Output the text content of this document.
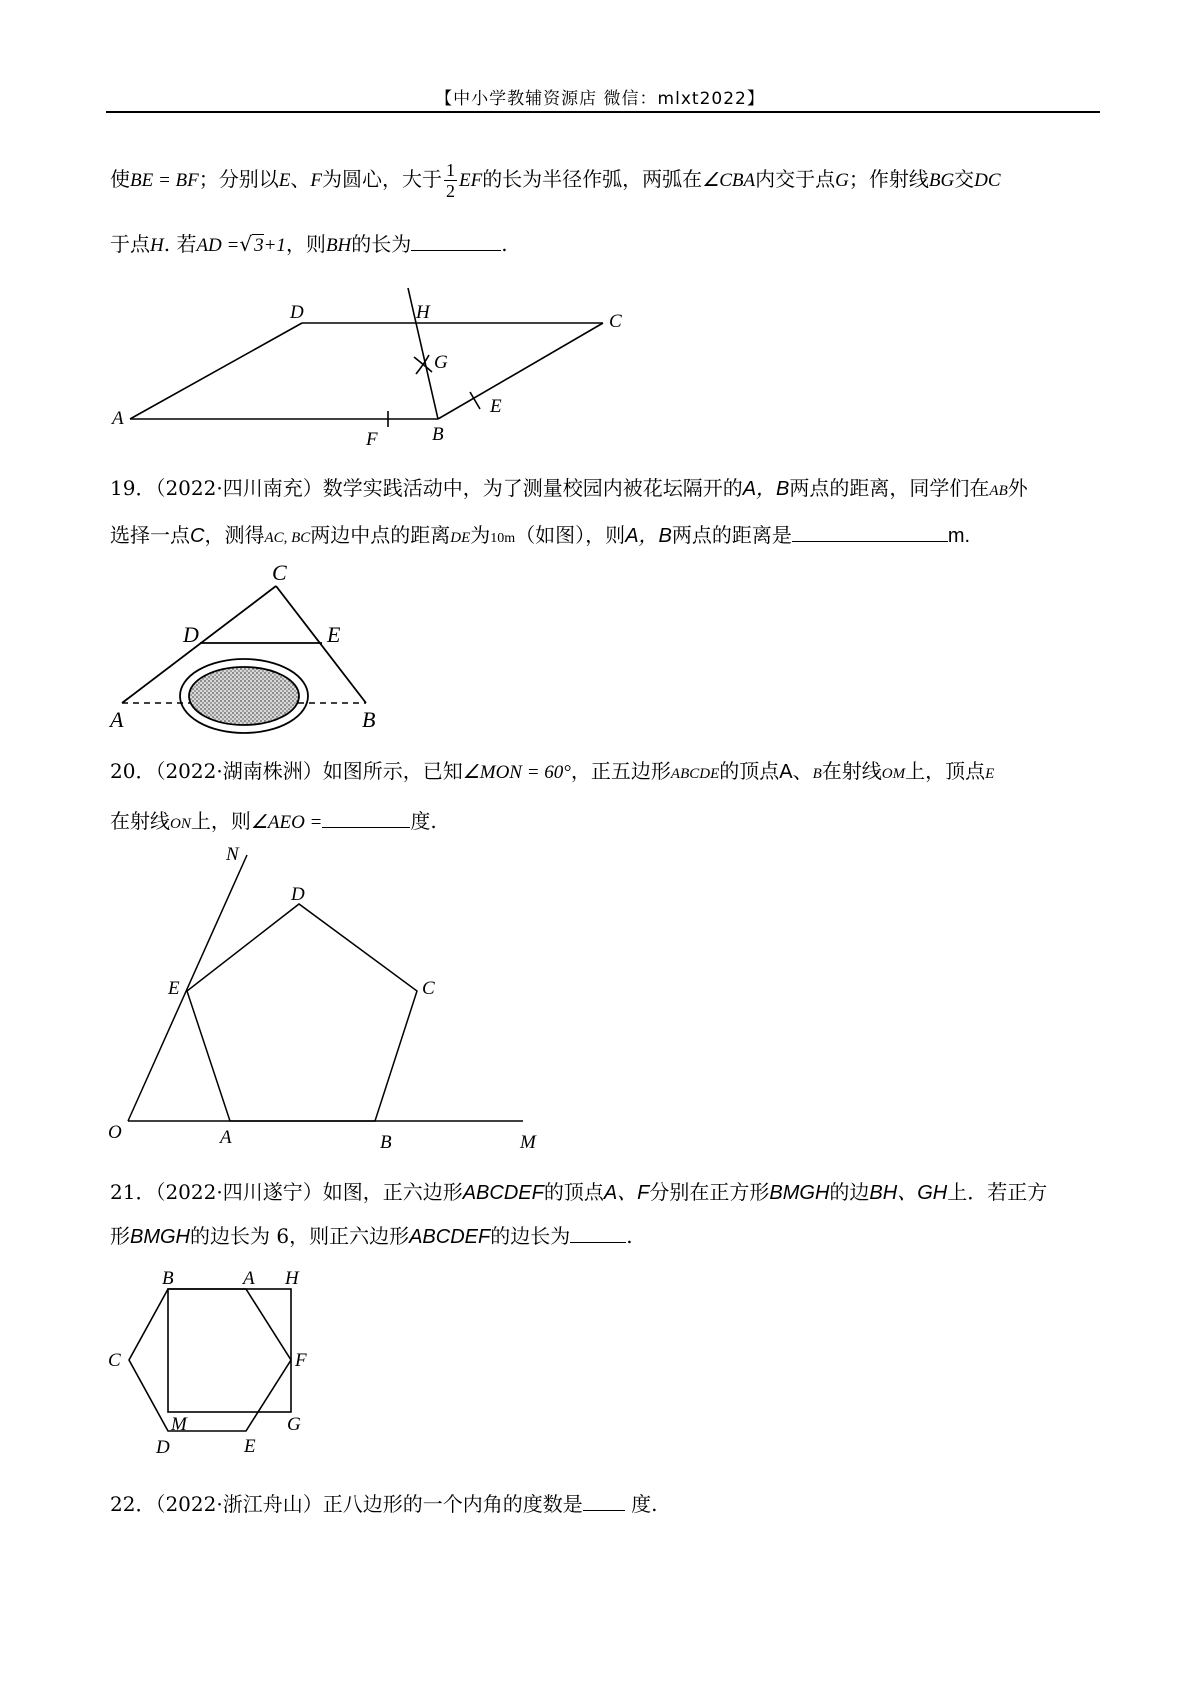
【中小学教辅资源店 微信：mlxt2022】
使BE = BF；分别以E、F为圆心，大于 $\frac{1}{2}$ EF的长为半径作弧，两弧在∠CBA内交于点G；作射线BG交DC
于点H. 若AD =√ 3+1，则BH的长为	.
A
B
C
D
E
F
G
H
19．（2022·四川南充）数学实践活动中，为了测量校园内被花坛隔开的A，B两点的距离，同学们在AB外
选择一点C，测得AC, BC两边中点的距离DE为10m（如图），则A，B两点的距离是	m.
C
D	E
A	B
20．（2022·湖南株洲）如图所示，已知∠MON = 60°，正五边形ABCDE的顶点A、B在射线OM上，顶点E
在射线ON上，则∠AEO =	度.
O	A	B	M
C
D
E
N
21．（2022·四川遂宁）如图，正六边形ABCDEF的顶点A、F分别在正方形BMGH的边BH、GH上．若正方
形BMGH的边长为 6，则正六边形ABCDEF的边长为	.
B	A H
C	F
M	G
D	E
22．（2022·浙江舟山）正八边形的一个内角的度数是 度.
